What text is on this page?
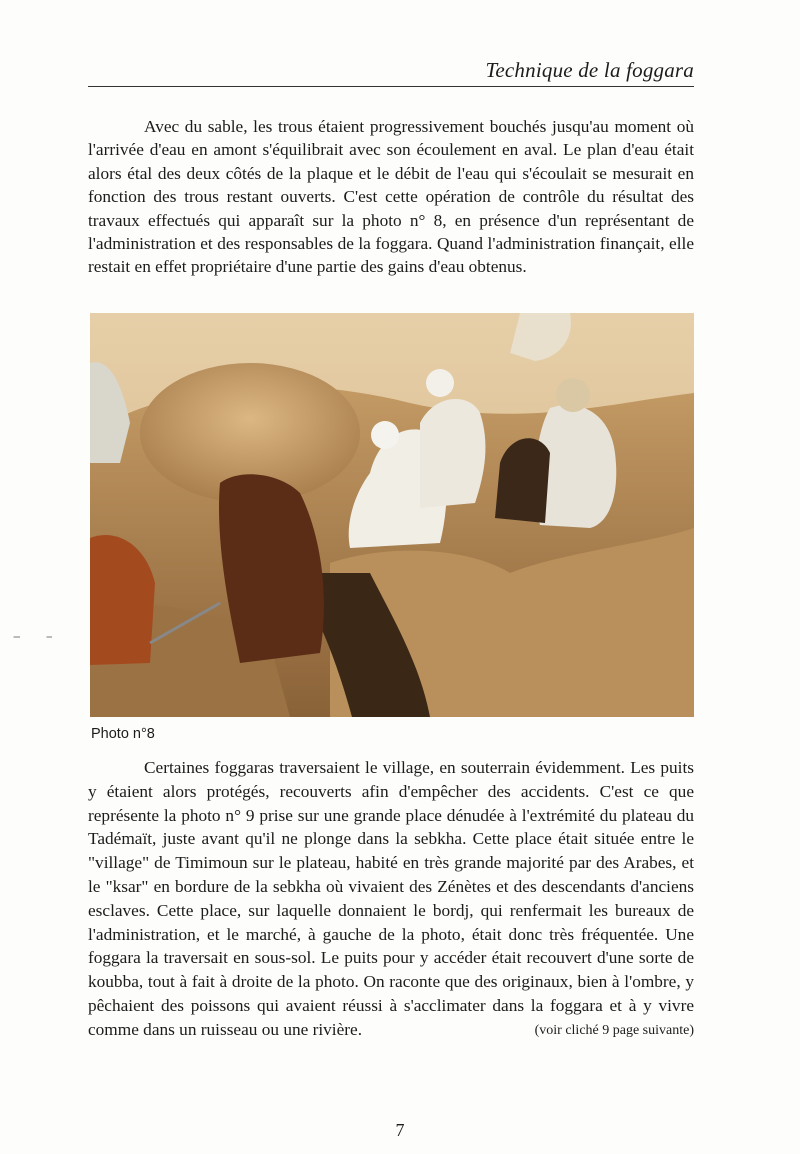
Technique de la foggara

Avec du sable, les trous étaient progressivement bouchés jusqu'au moment où l'arrivée d'eau en amont s'équilibrait avec son écoulement en aval. Le plan d'eau était alors étal des deux côtés de la plaque et le débit de l'eau qui s'écoulait se mesurait en fonction des trous restant ouverts. C'est cette opération de contrôle du résultat des travaux effectués qui apparaît sur la photo n° 8, en présence d'un représentant de l'administration et des responsables de la foggara. Quand l'administration finançait, elle restait en effet propriétaire d'une partie des gains d'eau obtenus.

Photo n°8

Certaines foggaras traversaient le village, en souterrain évidemment. Les puits y étaient alors protégés, recouverts afin d'empêcher des accidents. C'est ce que représente la photo n° 9 prise sur une grande place dénudée à l'extrémité du plateau du Tadémaït, juste avant qu'il ne plonge dans la sebkha. Cette place était située entre le "village" de Timimoun sur le plateau, habité en très grande majorité par des Arabes, et le "ksar" en bordure de la sebkha où vivaient des Zénètes et des descendants d'anciens esclaves. Cette place, sur laquelle donnaient le bordj, qui renfermait les bureaux de l'administration, et le marché, à gauche de la photo, était donc très fréquentée. Une foggara la traversait en sous-sol. Le puits pour y accéder était recouvert d'une sorte de koubba, tout à fait à droite de la photo. On raconte que des originaux, bien à l'ombre, y pêchaient des poissons qui avaient réussi à s'acclimater dans la foggara et à y vivre comme dans un ruisseau ou une rivière.	(voir cliché 9 page suivante)

7
